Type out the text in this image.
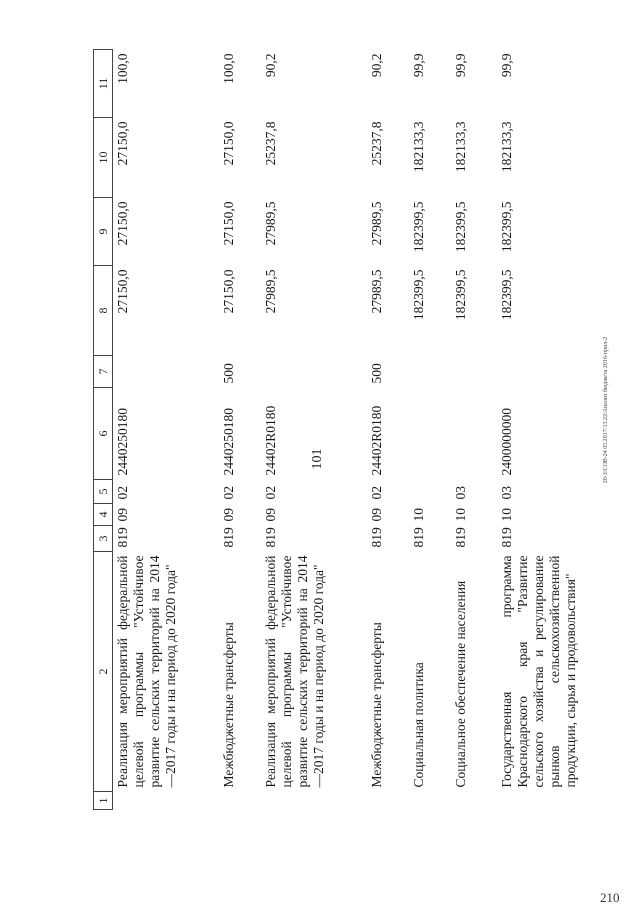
101	20-3/СОВ-24 05.2017/13.22/Анализ бюджета 2016-прил-2
210
1	2	3	4	5	6	7	8	9	10	11
	Реализация мероприятий федеральной целевой программы "Устойчивое развитие сельских территорий на 2014—2017 годы и на период до 2020 года"	819	09	02	2440250180		27150,0	27150,0	27150,0	100,0
	Межбюджетные трансферты	819	09	02	2440250180	500	27150,0	27150,0	27150,0	100,0
	Реализация мероприятий федеральной целевой программы "Устойчивое развитие сельских территорий на 2014—2017 годы и на период до 2020 года"	819	09	02	24402R0180		27989,5	27989,5	25237,8	90,2
	Межбюджетные трансферты	819	09	02	24402R0180	500	27989,5	27989,5	25237,8	90,2
	Социальная политика	819	10				182399,5	182399,5	182133,3	99,9
	Социальное обеспечение населения	819	10	03			182399,5	182399,5	182133,3	99,9
	Государственная программа Краснодарского края "Развитие сельского хозяйства и регулирование рынков сельскохозяйственной продукции, сырья и продовольствия"	819	10	03	2400000000		182399,5	182399,5	182133,3	99,9
